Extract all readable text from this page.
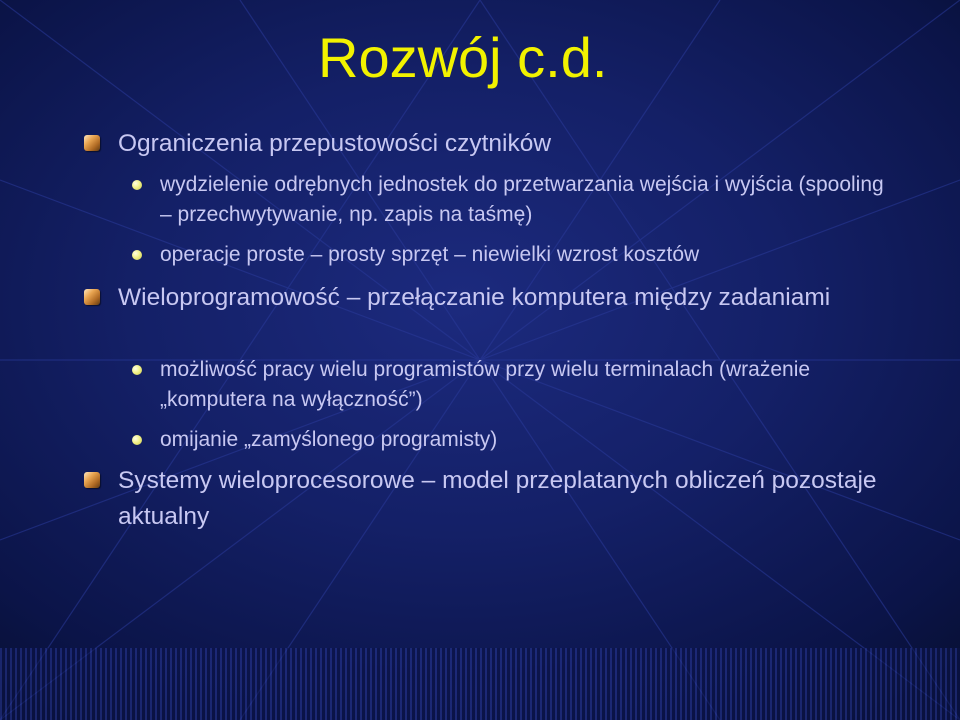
Rozwój c.d.
Ograniczenia przepustowości czytników
wydzielenie odrębnych jednostek do przetwarzania wejścia i wyjścia (spooling – przechwytywanie, np. zapis na taśmę)
operacje proste – prosty sprzęt – niewielki wzrost kosztów
Wieloprogramowość – przełączanie komputera między zadaniami
możliwość pracy wielu programistów przy wielu terminalach (wrażenie „komputera na wyłączność”)
omijanie „zamyślonego programisty)
Systemy wieloprocesorowe – model przeplatanych obliczeń pozostaje aktualny
